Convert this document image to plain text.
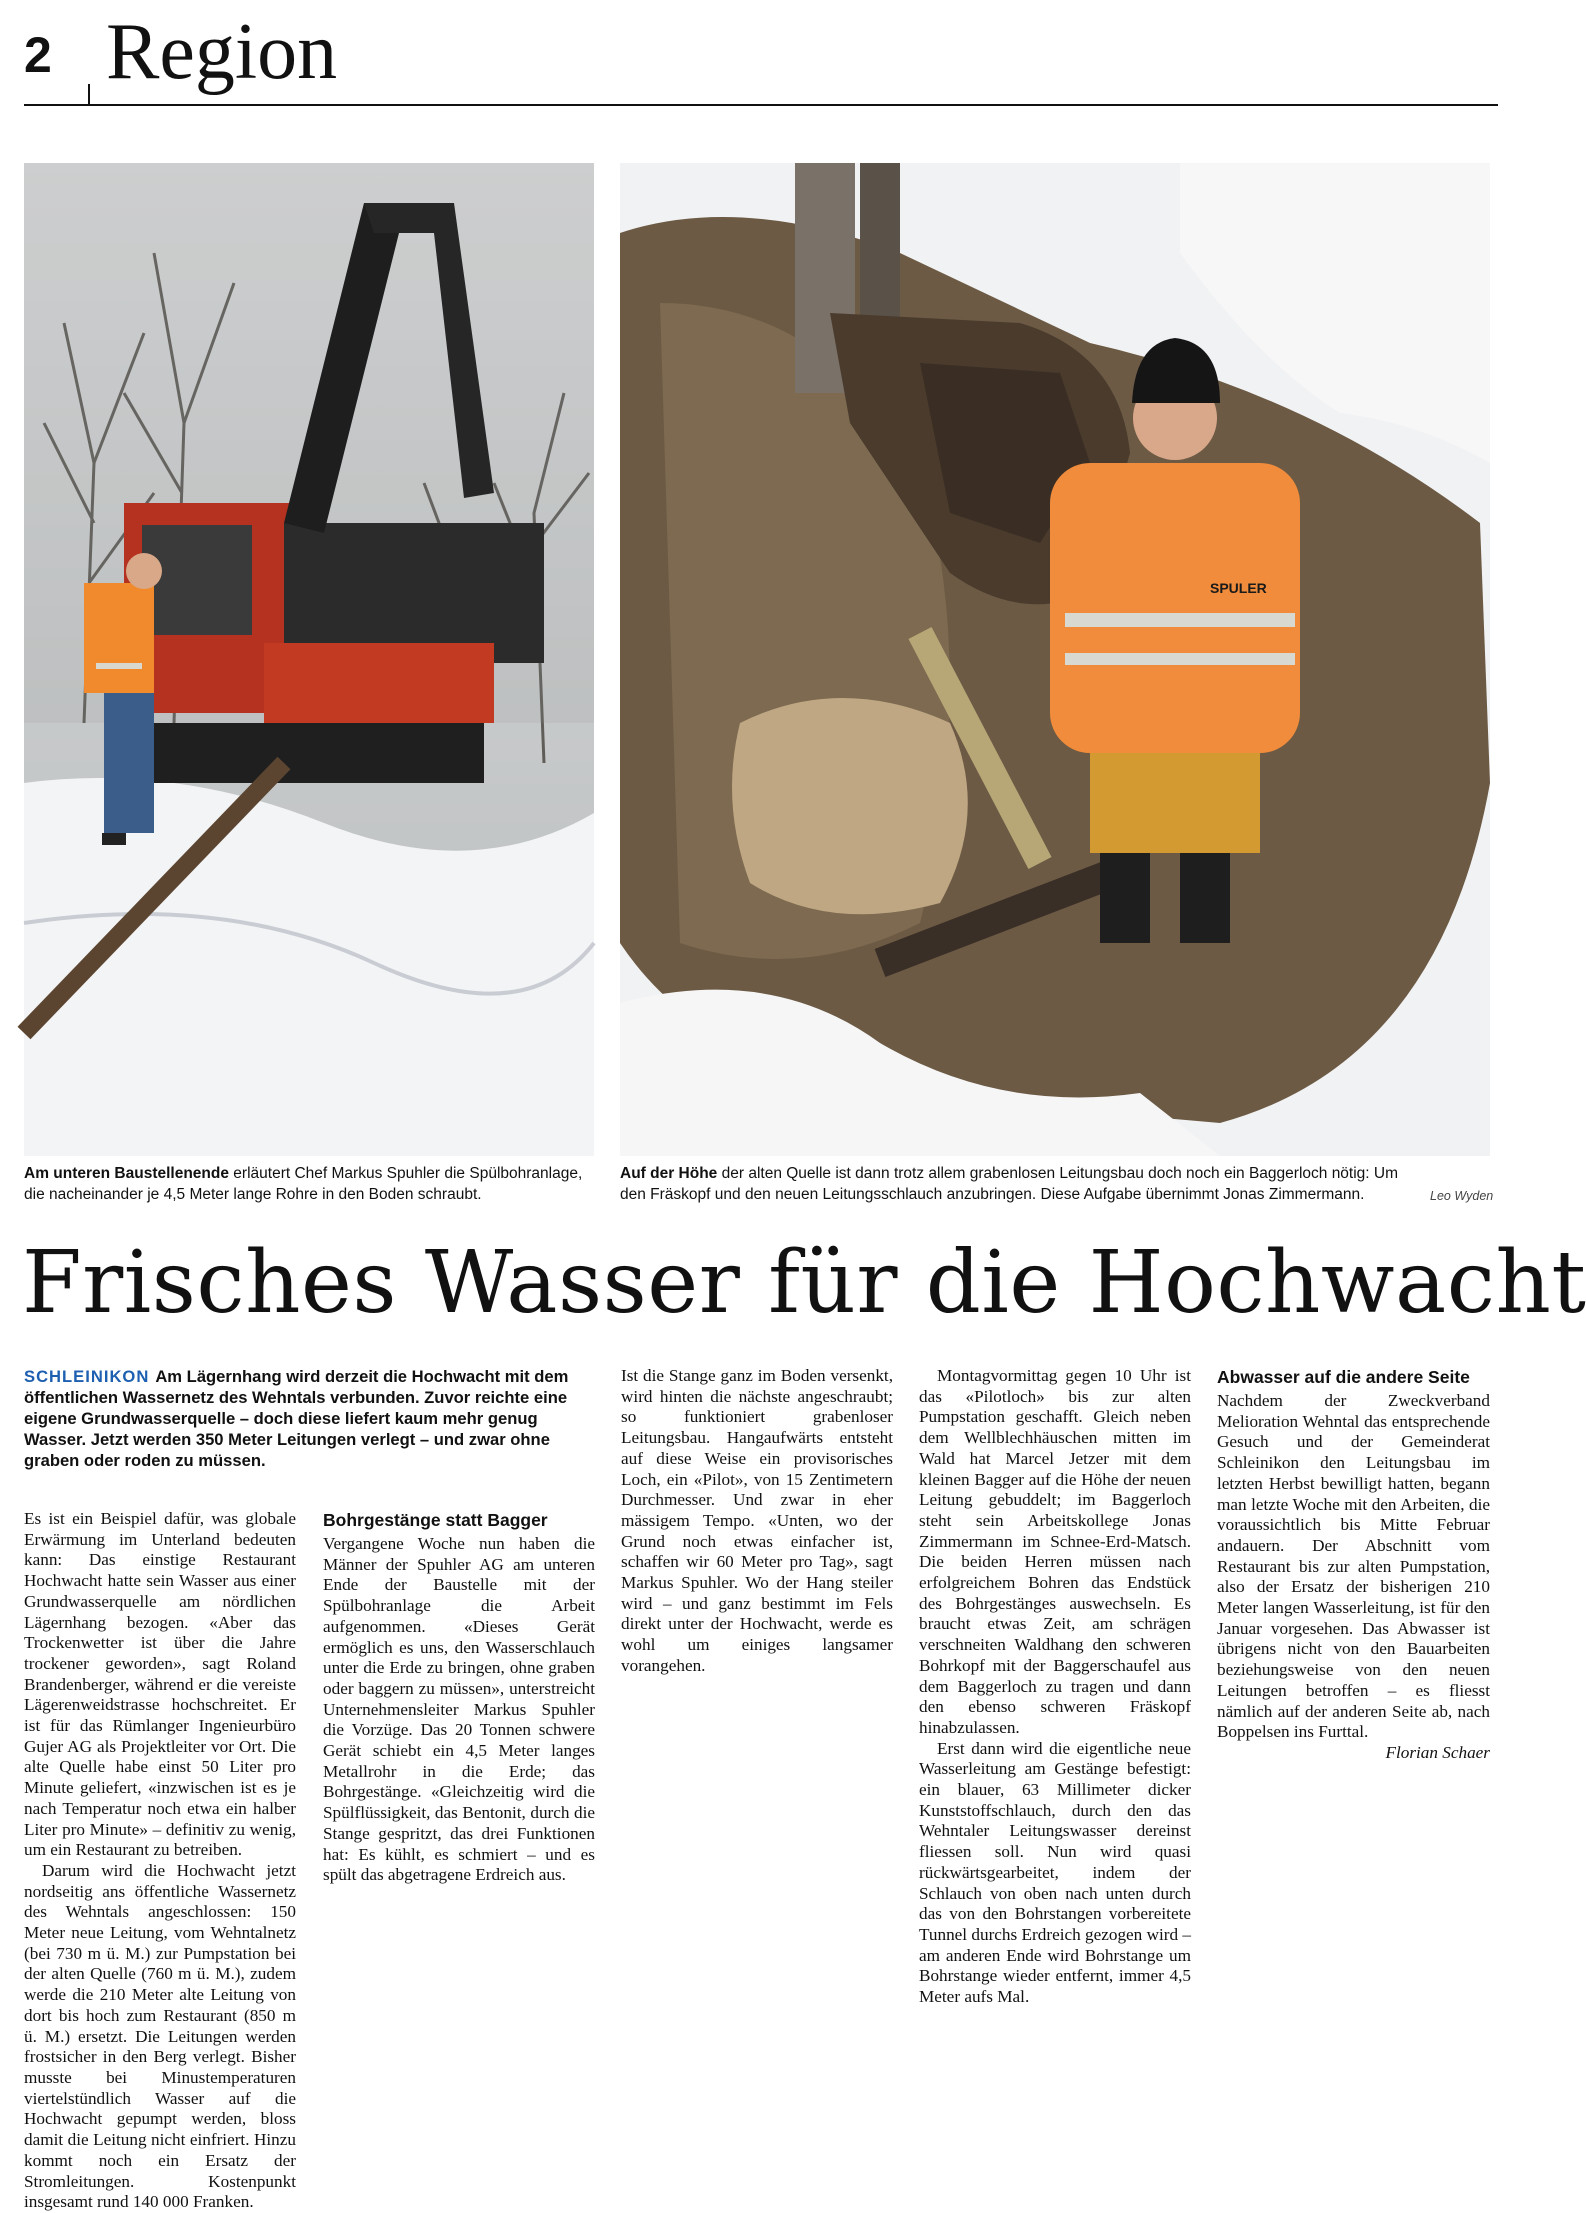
2 Region
SPULER
Am unteren Baustellenende erläutert Chef Markus Spuhler die Spülbohranlage, die nacheinander je 4,5 Meter lange Rohre in den Boden schraubt.
Auf der Höhe der alten Quelle ist dann trotz allem grabenlosen Leitungsbau doch noch ein Baggerloch nötig: Um den Fräskopf und den neuen Leitungsschlauch anzubringen. Diese Aufgabe übernimmt Jonas Zimmermann.	Leo Wyden
Frisches Wasser für die Hochwacht
SCHLEINIKON Am Lägernhang wird derzeit die Hochwacht mit dem öffentlichen Wassernetz des Wehntals verbunden. Zuvor reichte eine eigene Grundwasserquelle – doch diese liefert kaum mehr genug Wasser. Jetzt werden 350 Meter Leitungen verlegt – und zwar ohne graben oder roden zu müssen.

Es ist ein Beispiel dafür, was globale Erwärmung im Unterland bedeuten kann: Das einstige Restaurant Hochwacht hatte sein Wasser aus einer Grundwasserquelle am nördlichen Lägernhang bezogen. «Aber das Trockenwetter ist über die Jahre trockener geworden», sagt Roland Brandenberger, während er die vereiste Lägerenweidstrasse hochschreitet. Er ist für das Rümlanger Ingenieurbüro Gujer AG als Projektleiter vor Ort. Die alte Quelle habe einst 50 Liter pro Minute geliefert, «inzwischen ist es je nach Temperatur noch etwa ein halber Liter pro Minute» – definitiv zu wenig, um ein Restaurant zu betreiben.

Darum wird die Hochwacht jetzt nordseitig ans öffentliche Wassernetz des Wehntals angeschlossen: 150 Meter neue Leitung, vom Wehntalnetz (bei 730 m ü. M.) zur Pumpstation bei der alten Quelle (760 m ü. M.), zudem werde die 210 Meter alte Leitung von dort bis hoch zum Restaurant (850 m ü. M.) ersetzt. Die Leitungen werden frostsicher in den Berg verlegt. Bisher musste bei Minustemperaturen viertelstündlich Wasser auf die Hochwacht gepumpt werden, bloss damit die Leitung nicht einfriert. Hinzu kommt noch ein Ersatz der Stromleitungen. Kostenpunkt insgesamt rund 140 000 Franken.

Bohrgestänge statt Bagger

Vergangene Woche nun haben die Männer der Spuhler AG am unteren Ende der Baustelle mit der Spülbohranlage die Arbeit aufgenommen. «Dieses Gerät ermöglich es uns, den Wasserschlauch unter die Erde zu bringen, ohne graben oder baggern zu müssen», unterstreicht Unternehmensleiter Markus Spuhler die Vorzüge. Das 20 Tonnen schwere Gerät schiebt ein 4,5 Meter langes Metallrohr in die Erde; das Bohrgestänge. «Gleichzeitig wird die Spülflüssigkeit, das Bentonit, durch die Stange gespritzt, das drei Funktionen hat: Es kühlt, es schmiert – und es spült das abgetragene Erdreich aus.

Ist die Stange ganz im Boden versenkt, wird hinten die nächste angeschraubt; so funktioniert grabenloser Leitungsbau. Hangaufwärts entsteht auf diese Weise ein provisorisches Loch, ein «Pilot», von 15 Zentimetern Durchmesser. Und zwar in eher mässigem Tempo. «Unten, wo der Grund noch etwas einfacher ist, schaffen wir 60 Meter pro Tag», sagt Markus Spuhler. Wo der Hang steiler wird – und ganz bestimmt im Fels direkt unter der Hochwacht, werde es wohl um einiges langsamer vorangehen.

Montagvormittag gegen 10 Uhr ist das «Pilotloch» bis zur alten Pumpstation geschafft. Gleich neben dem Wellblechhäuschen mitten im Wald hat Marcel Jetzer mit dem kleinen Bagger auf die Höhe der neuen Leitung gebuddelt; im Baggerloch steht sein Arbeitskollege Jonas Zimmermann im Schnee-Erd-Matsch. Die beiden Herren müssen nach erfolgreichem Bohren das Endstück des Bohrgestänges auswechseln. Es braucht etwas Zeit, am schrägen verschneiten Waldhang den schweren Bohrkopf mit der Baggerschaufel aus dem Baggerloch zu tragen und dann den ebenso schweren Fräskopf hinabzulassen.

Erst dann wird die eigentliche neue Wasserleitung am Gestänge befestigt: ein blauer, 63 Millimeter dicker Kunststoffschlauch, durch den das Wehntaler Leitungswasser dereinst fliessen soll. Nun wird quasi rückwärtsgearbeitet, indem der Schlauch von oben nach unten durch das von den Bohrstangen vorbereitete Tunnel durchs Erdreich gezogen wird – am anderen Ende wird Bohrstange um Bohrstange wieder entfernt, immer 4,5 Meter aufs Mal.

Abwasser auf die andere Seite

Nachdem der Zweckverband Melioration Wehntal das entsprechende Gesuch und der Gemeinderat Schleinikon den Leitungsbau im letzten Herbst bewilligt hatten, begann man letzte Woche mit den Arbeiten, die voraussichtlich bis Mitte Februar andauern. Der Abschnitt vom Restaurant bis zur alten Pumpstation, also der Ersatz der bisherigen 210 Meter langen Wasserleitung, ist für den Januar vorgesehen. Das Abwasser ist übrigens nicht von den Bauarbeiten beziehungsweise von den neuen Leitungen betroffen – es fliesst nämlich auf der anderen Seite ab, nach Boppelsen ins Furttal.

Florian Schaer
